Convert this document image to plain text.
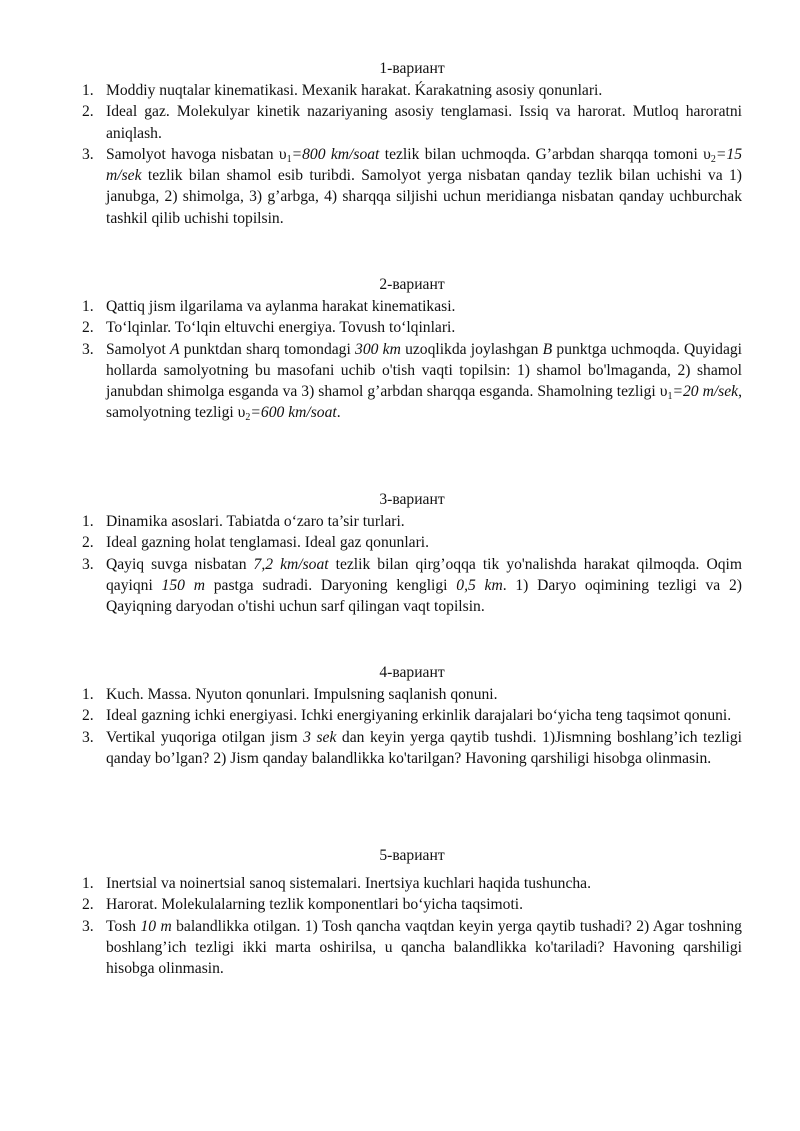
1-вариант
1. Moddiy nuqtalar kinematikasi. Mexanik harakat. Ḱarakatning asosiy qonunlari.
2. Ideal gaz. Molekulyar kinetik nazariyaning asosiy tenglamasi. Issiq va harorat. Mutloq haroratni aniqlash.
3. Samolyot havoga nisbatan $\upsilon_1=800$ km/soat tezlik bilan uchmoqda. G’arbdan sharqqa tomoni $\upsilon_2=15$ m/sek tezlik bilan shamol esib turibdi. Samolyot yerga nisbatan qanday tezlik bilan uchishi va 1) janubga, 2) shimolga, 3) g’arbga, 4) sharqqa siljishi uchun meridianga nisbatan qanday uchburchak tashkil qilib uchishi topilsin.
2-вариант
1. Qattiq jism ilgarilama va aylanma harakat kinematikasi.
2. To‘lqinlar. To‘lqin eltuvchi energiya. Tovush to‘lqinlari.
3. Samolyot A punktdan sharq tomondagi 300 km uzoqlikda joylashgan B punktga uchmoqda. Quyidagi hollarda samolyotning bu masofani uchib o'tish vaqti topilsin: 1) shamol bo'lmaganda, 2) shamol janubdan shimolga esganda va 3) shamol g’arbdan sharqqa esganda. Shamolning tezligi $\upsilon_1=20$ m/sek, samolyotning tezligi $\upsilon_2=600$ km/soat.
3-вариант
1. Dinamika asoslari. Tabiatda o‘zaro ta’sir turlari.
2. Ideal gazning holat tenglamasi. Ideal gaz qonunlari.
3. Qayiq suvga nisbatan 7,2 km/soat tezlik bilan qirg’oqqa tik yo'nalishda harakat qilmoqda. Oqim qayiqni 150 m pastga sudradi. Daryoning kengligi 0,5 km. 1) Daryo oqimining tezligi va 2) Qayiqning daryodan o'tishi uchun sarf qilingan vaqt topilsin.
4-вариант
1. Kuch. Massa. Nyuton qonunlari. Impulsning saqlanish qonuni.
2. Ideal gazning ichki energiyasi. Ichki energiyaning erkinlik darajalari bo‘yicha teng taqsimot qonuni.
3. Vertikal yuqoriga otilgan jism 3 sek dan keyin yerga qaytib tushdi. 1)Jismning boshlang’ich tezligi qanday bo’lgan? 2) Jism qanday balandlikka ko'tarilgan? Havoning qarshiligi hisobga olinmasin.
5-вариант
1. Inertsial va noinertsial sanoq sistemalari. Inertsiya kuchlari haqida tushuncha.
2. Harorat. Molekulalarning tezlik komponentlari bo‘yicha taqsimoti.
3. Tosh 10 m balandlikka otilgan. 1) Tosh qancha vaqtdan keyin yerga qaytib tushadi? 2) Agar toshning boshlang’ich tezligi ikki marta oshirilsa, u qancha balandlikka ko'tariladi? Havoning qarshiligi hisobga olinmasin.
